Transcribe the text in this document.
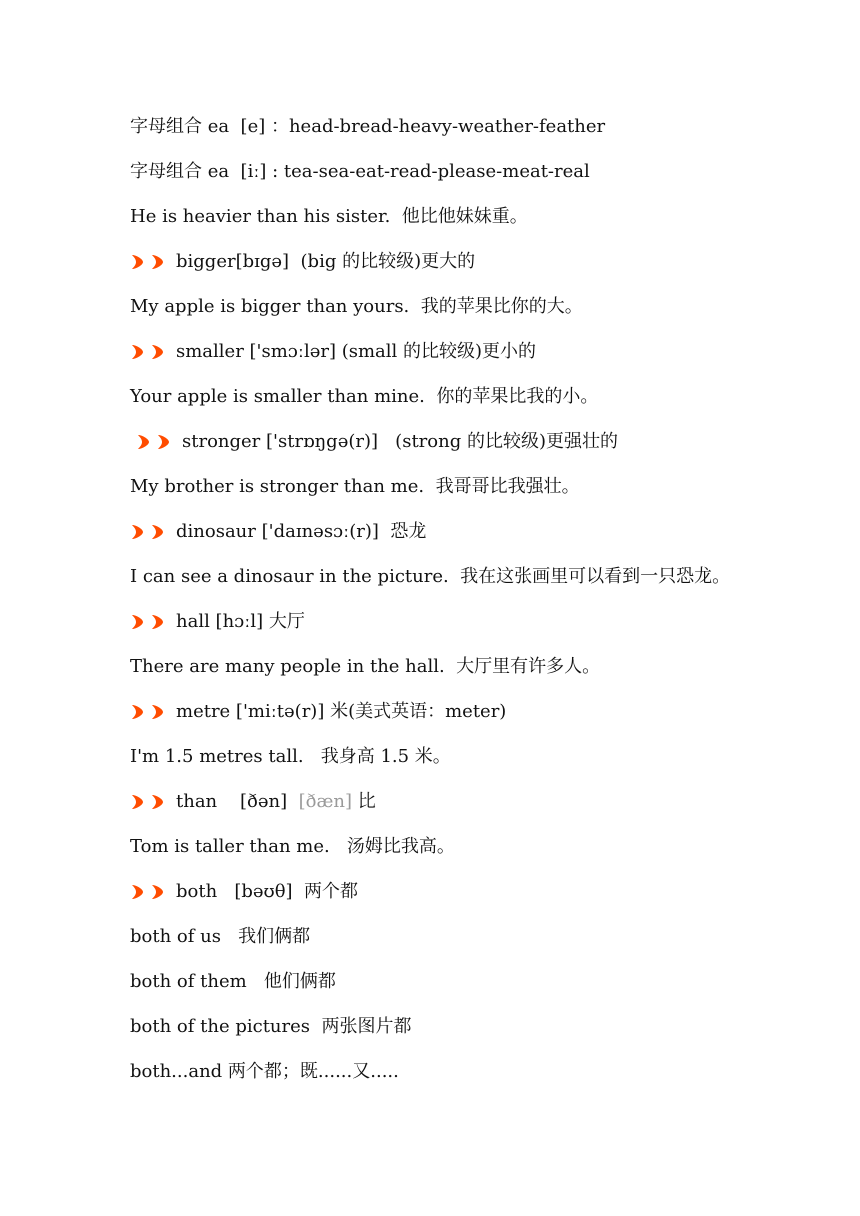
字母组合 ea  [e] ：head-bread-heavy-weather-feather
字母组合 ea  [iː] : tea-sea-eat-read-please-meat-real
He is heavier than his sister.  他比他妹妹重。
bigger[bɪgə]  (big 的比较级)更大的
My apple is bigger than yours.  我的苹果比你的大。
smaller ['smɔːlər] (small 的比较级)更小的
Your apple is smaller than mine.  你的苹果比我的小。
stronger ['strɒŋgə(r)]   (strong 的比较级)更强壮的
My brother is stronger than me.  我哥哥比我强壮。
dinosaur ['daɪnəsɔː(r)]  恐龙
I can see a dinosaur in the picture.  我在这张画里可以看到一只恐龙。
hall [hɔːl] 大厅
There are many people in the hall.  大厅里有许多人。
metre ['miːtə(r)] 米(美式英语：meter)
I'm 1.5 metres tall.   我身高 1.5 米。
than    [ðən] [ðæn] 比
Tom is taller than me.   汤姆比我高。
both   [bəʊθ]  两个都
both of us   我们俩都
both of them   他们俩都
both of the pictures  两张图片都
both...and 两个都；既......又.....
